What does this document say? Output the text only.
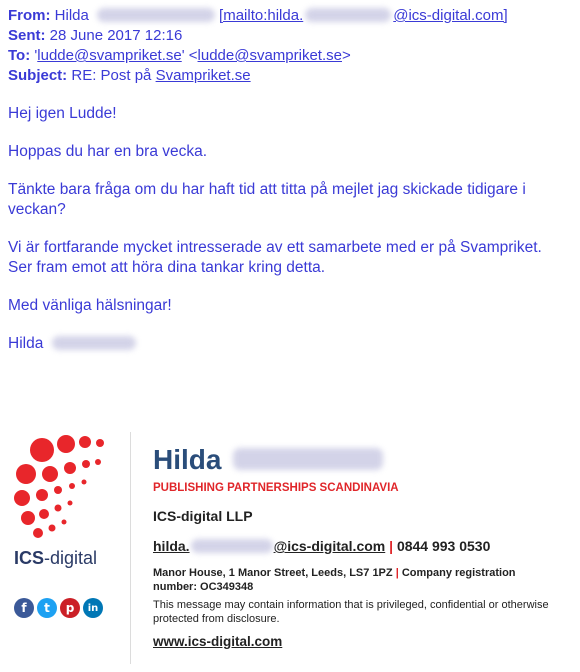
From: Hilda	[mailto:hilda.	@ics-digital.com]
Sent: 28 June 2017 12:16
To: 'ludde@svampriket.se' <ludde@svampriket.se>
Subject: RE: Post på Svampriket.se

Hej igen Ludde!

Hoppas du har en bra vecka.

Tänkte bara fråga om du har haft tid att titta på mejlet jag skickade tidigare i veckan?

Vi är fortfarande mycket intresserade av ett samarbete med er på Svampriket.
Ser fram emot att höra dina tankar kring detta.

Med vänliga hälsningar!

Hilda

ICS-digital
f	t	p	in
Hilda
PUBLISHING PARTNERSHIPS SCANDINAVIA
ICS-digital LLP
hilda.	@ics-digital.com | 0844 993 0530
Manor House, 1 Manor Street, Leeds, LS7 1PZ | Company registration number: OC349348
This message may contain information that is privileged, confidential or otherwise protected from disclosure.
www.ics-digital.com
